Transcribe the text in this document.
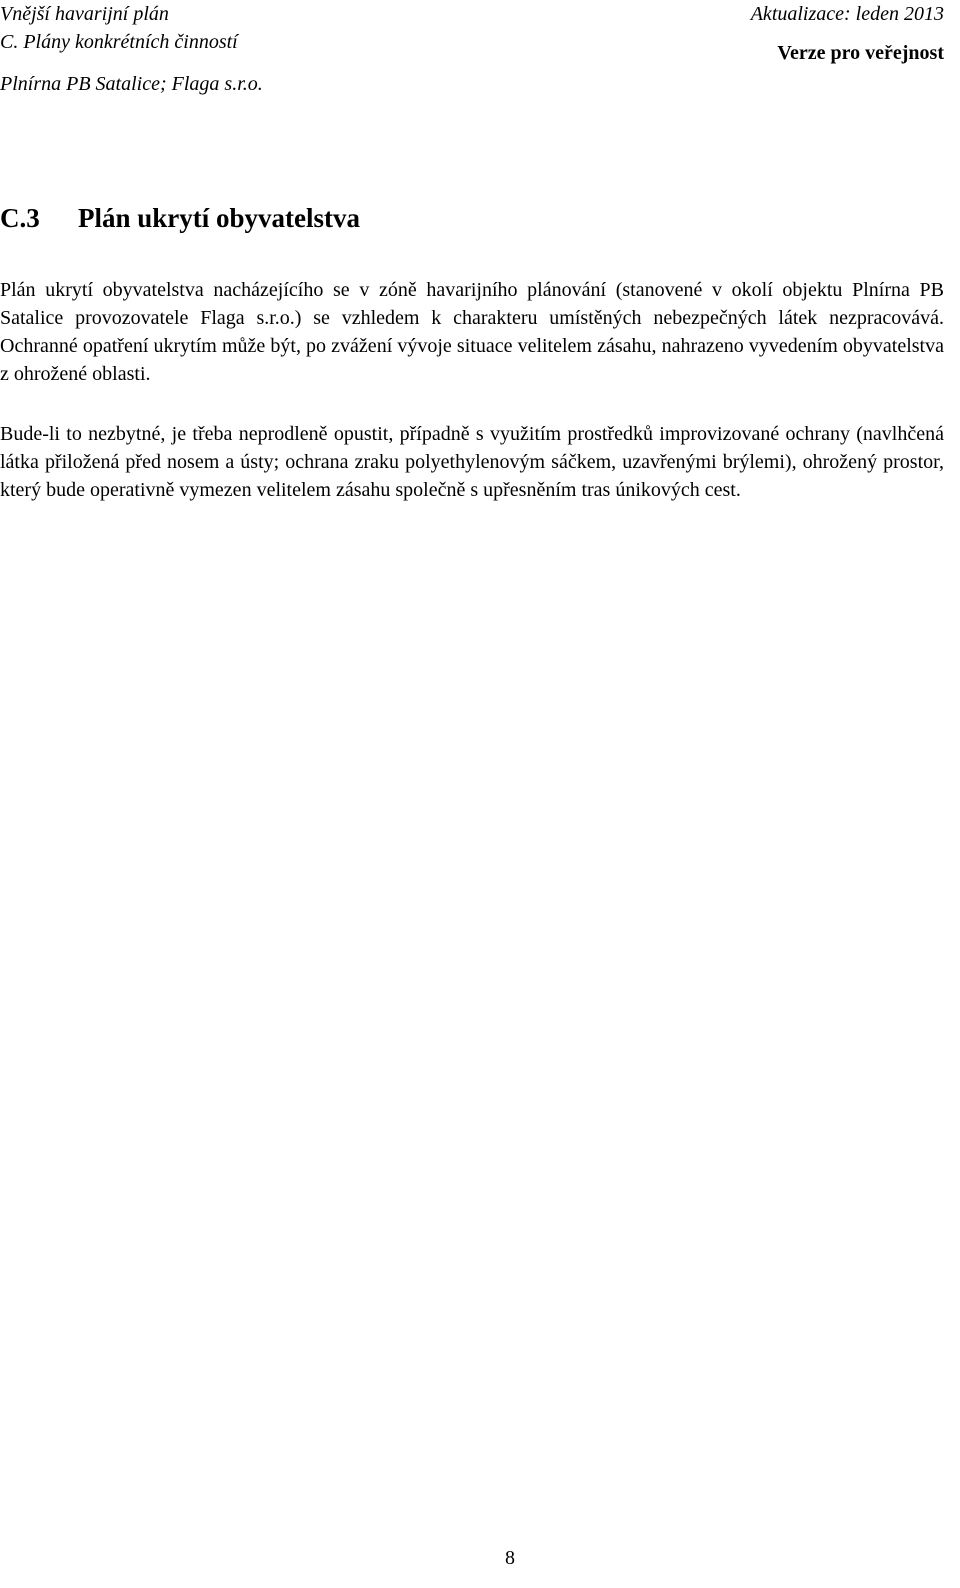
Vnější havarijní plán
C. Plány konkrétních činností
Plnírna PB Satalice; Flaga s.r.o.
Aktualizace: leden 2013
Verze pro veřejnost
C.3 Plán ukrytí obyvatelstva

Plán ukrytí obyvatelstva nacházejícího se v zóně havarijního plánování (stanovené v okolí objektu Plnírna PB Satalice provozovatele Flaga s.r.o.) se vzhledem k charakteru umístěných nebezpečných látek nezpracovává. Ochranné opatření ukrytím může být, po zvážení vývoje situace velitelem zásahu, nahrazeno vyvedením obyvatelstva z ohrožené oblasti.

Bude-li to nezbytné, je třeba neprodleně opustit, případně s využitím prostředků improvizované ochrany (navlhčená látka přiložená před nosem a ústy; ochrana zraku polyethylenovým sáčkem, uzavřenými brýlemi), ohrožený prostor, který bude operativně vymezen velitelem zásahu společně s upřesněním tras únikových cest.

8
